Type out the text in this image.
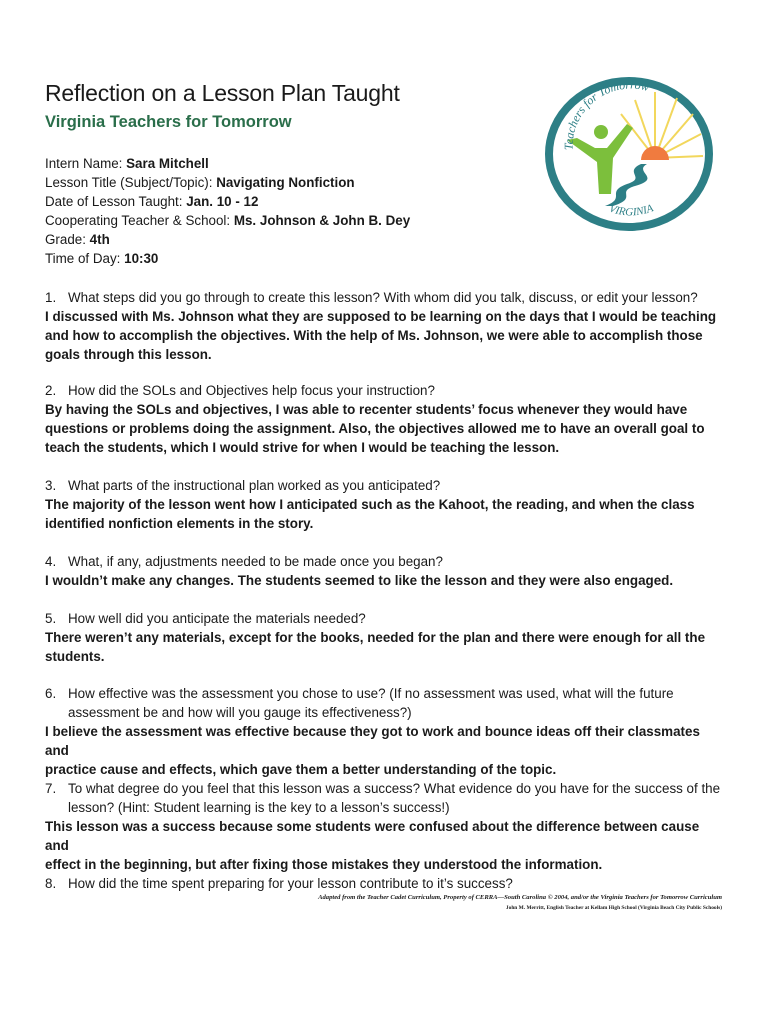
Reflection on a Lesson Plan Taught
Virginia Teachers for Tomorrow
Teachers for Tomorrow
VIRGINIA
Intern Name: Sara Mitchell
Lesson Title (Subject/Topic): Navigating Nonfiction
Date of Lesson Taught: Jan. 10 - 12
Cooperating Teacher & School: Ms. Johnson & John B. Dey
Grade: 4th
Time of Day: 10:30
1. What steps did you go through to create this lesson? With whom did you talk, discuss, or edit your lesson?
I discussed with Ms. Johnson what they are supposed to be learning on the days that I would be teaching
and how to accomplish the objectives. With the help of Ms. Johnson, we were able to accomplish those
goals through this lesson.
2. How did the SOLs and Objectives help focus your instruction?
By having the SOLs and objectives, I was able to recenter students’ focus whenever they would have
questions or problems doing the assignment. Also, the objectives allowed me to have an overall goal to
teach the students, which I would strive for when I would be teaching the lesson.
3. What parts of the instructional plan worked as you anticipated?
The majority of the lesson went how I anticipated such as the Kahoot, the reading, and when the class
identified nonfiction elements in the story.
4. What, if any, adjustments needed to be made once you began?
I wouldn’t make any changes. The students seemed to like the lesson and they were also engaged.
5. How well did you anticipate the materials needed?
There weren’t any materials, except for the books, needed for the plan and there were enough for all the
students.
6. How effective was the assessment you chose to use? (If no assessment was used, what will the future assessment be and how will you gauge its effectiveness?)
I believe the assessment was effective because they got to work and bounce ideas off their classmates and
practice cause and effects, which gave them a better understanding of the topic.
7. To what degree do you feel that this lesson was a success? What evidence do you have for the success of the lesson? (Hint: Student learning is the key to a lesson’s success!)
This lesson was a success because some students were confused about the difference between cause and
effect in the beginning, but after fixing those mistakes they understood the information.
8. How did the time spent preparing for your lesson contribute to it’s success?
Adapted from the Teacher Cadet Curriculum, Property of CERRA—South Carolina © 2004, and/or the Virginia Teachers for Tomorrow Curriculum
John M. Merritt, English Teacher at Kellam High School (Virginia Beach City Public Schools)
